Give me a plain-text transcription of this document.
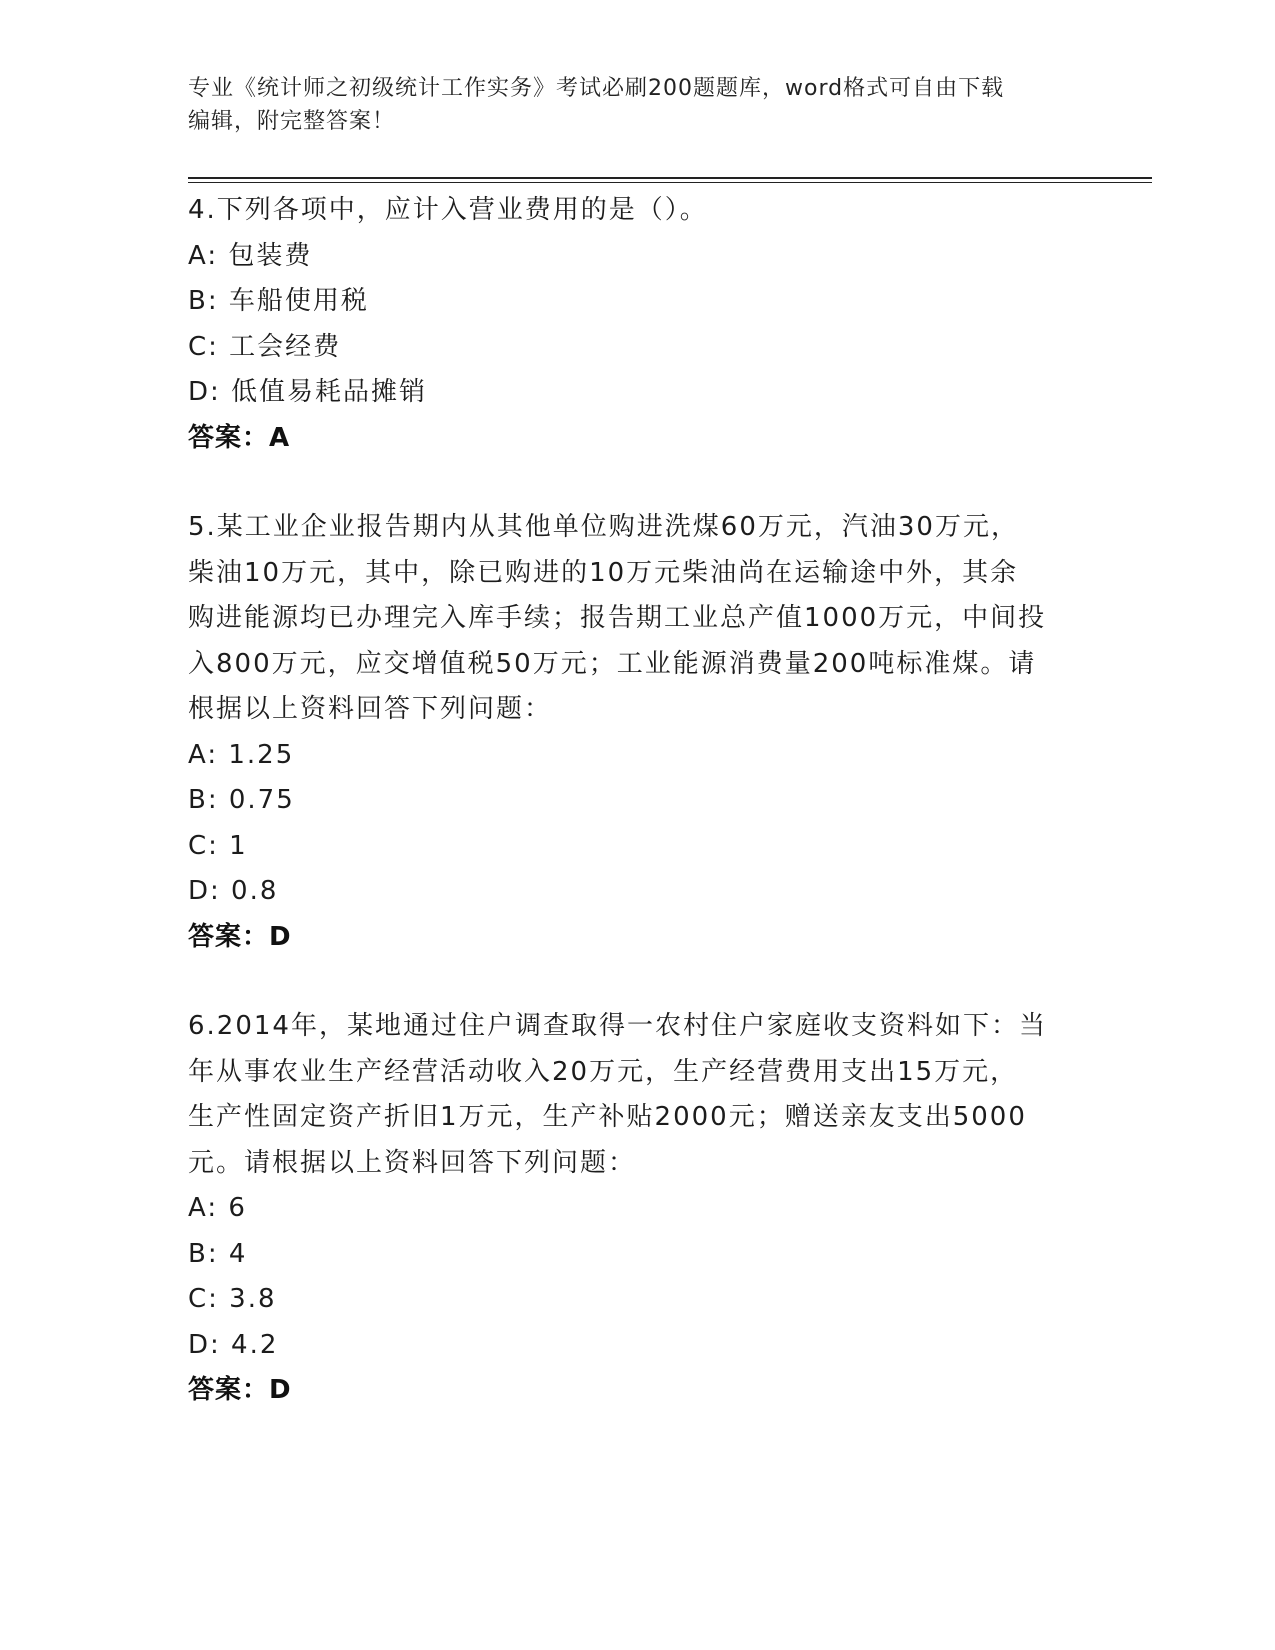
专业《统计师之初级统计工作实务》考试必刷200题题库，word格式可自由下载
编辑，附完整答案！
4.下列各项中，应计入营业费用的是（）。
A: 包装费
B: 车船使用税
C: 工会经费
D: 低值易耗品摊销
答案：A
5.某工业企业报告期内从其他单位购进洗煤60万元，汽油30万元，
柴油10万元，其中，除已购进的10万元柴油尚在运输途中外，其余
购进能源均已办理完入库手续；报告期工业总产值1000万元，中间投
入800万元，应交增值税50万元；工业能源消费量200吨标准煤。请
根据以上资料回答下列问题：
A: 1.25
B: 0.75
C: 1
D: 0.8
答案：D
6.2014年，某地通过住户调查取得一农村住户家庭收支资料如下：当
年从事农业生产经营活动收入20万元，生产经营费用支出15万元，
生产性固定资产折旧1万元，生产补贴2000元；赠送亲友支出5000
元。请根据以上资料回答下列问题：
A: 6
B: 4
C: 3.8
D: 4.2
答案：D
